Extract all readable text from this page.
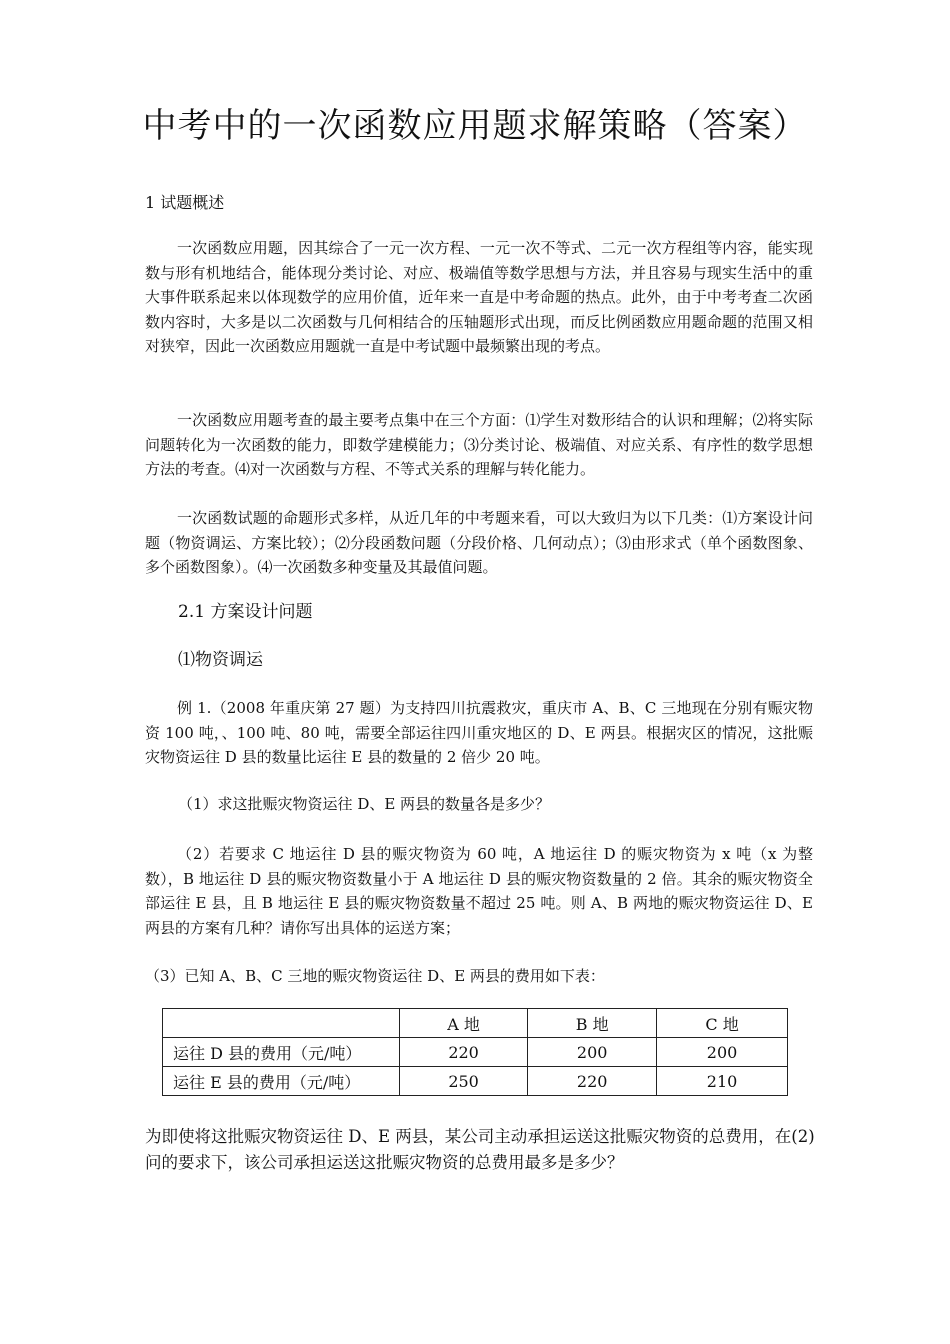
中考中的一次函数应用题求解策略（答案）
1 试题概述
一次函数应用题，因其综合了一元一次方程、一元一次不等式、二元一次方程组等内容，能实现数与形有机地结合，能体现分类讨论、对应、极端值等数学思想与方法，并且容易与现实生活中的重大事件联系起来以体现数学的应用价值，近年来一直是中考命题的热点。此外，由于中考考查二次函数内容时，大多是以二次函数与几何相结合的压轴题形式出现，而反比例函数应用题命题的范围又相对狭窄，因此一次函数应用题就一直是中考试题中最频繁出现的考点。
一次函数应用题考查的最主要考点集中在三个方面：⑴学生对数形结合的认识和理解；⑵将实际问题转化为一次函数的能力，即数学建模能力；⑶分类讨论、极端值、对应关系、有序性的数学思想方法的考查。⑷对一次函数与方程、不等式关系的理解与转化能力。
一次函数试题的命题形式多样，从近几年的中考题来看，可以大致归为以下几类：⑴方案设计问题（物资调运、方案比较）；⑵分段函数问题（分段价格、几何动点）；⑶由形求式（单个函数图象、多个函数图象）。⑷一次函数多种变量及其最值问题。
2.1 方案设计问题
⑴物资调运
例 1.（2008 年重庆第 27 题）为支持四川抗震救灾，重庆市 A、B、C 三地现在分别有赈灾物资 100 吨，、100 吨、80 吨，需要全部运往四川重灾地区的 D、E 两县。根据灾区的情况，这批赈灾物资运往 D 县的数量比运往 E 县的数量的 2 倍少 20 吨。
（1）求这批赈灾物资运往 D、E 两县的数量各是多少？
（2）若要求 C 地运往 D 县的赈灾物资为 60 吨，A 地运往 D 的赈灾物资为 x 吨（x 为整数），B 地运往 D 县的赈灾物资数量小于 A 地运往 D 县的赈灾物资数量的 2 倍。其余的赈灾物资全部运往 E 县，且 B 地运往 E 县的赈灾物资数量不超过 25 吨。则 A、B 两地的赈灾物资运往 D、E 两县的方案有几种？请你写出具体的运送方案；
（3）已知 A、B、C 三地的赈灾物资运往 D、E 两县的费用如下表：
	A 地	B 地	C 地
运往 D 县的费用（元/吨）	220	200	200
运往 E 县的费用（元/吨）	250	220	210
为即使将这批赈灾物资运往 D、E 两县，某公司主动承担运送这批赈灾物资的总费用，在(2)问的要求下，该公司承担运送这批赈灾物资的总费用最多是多少？
